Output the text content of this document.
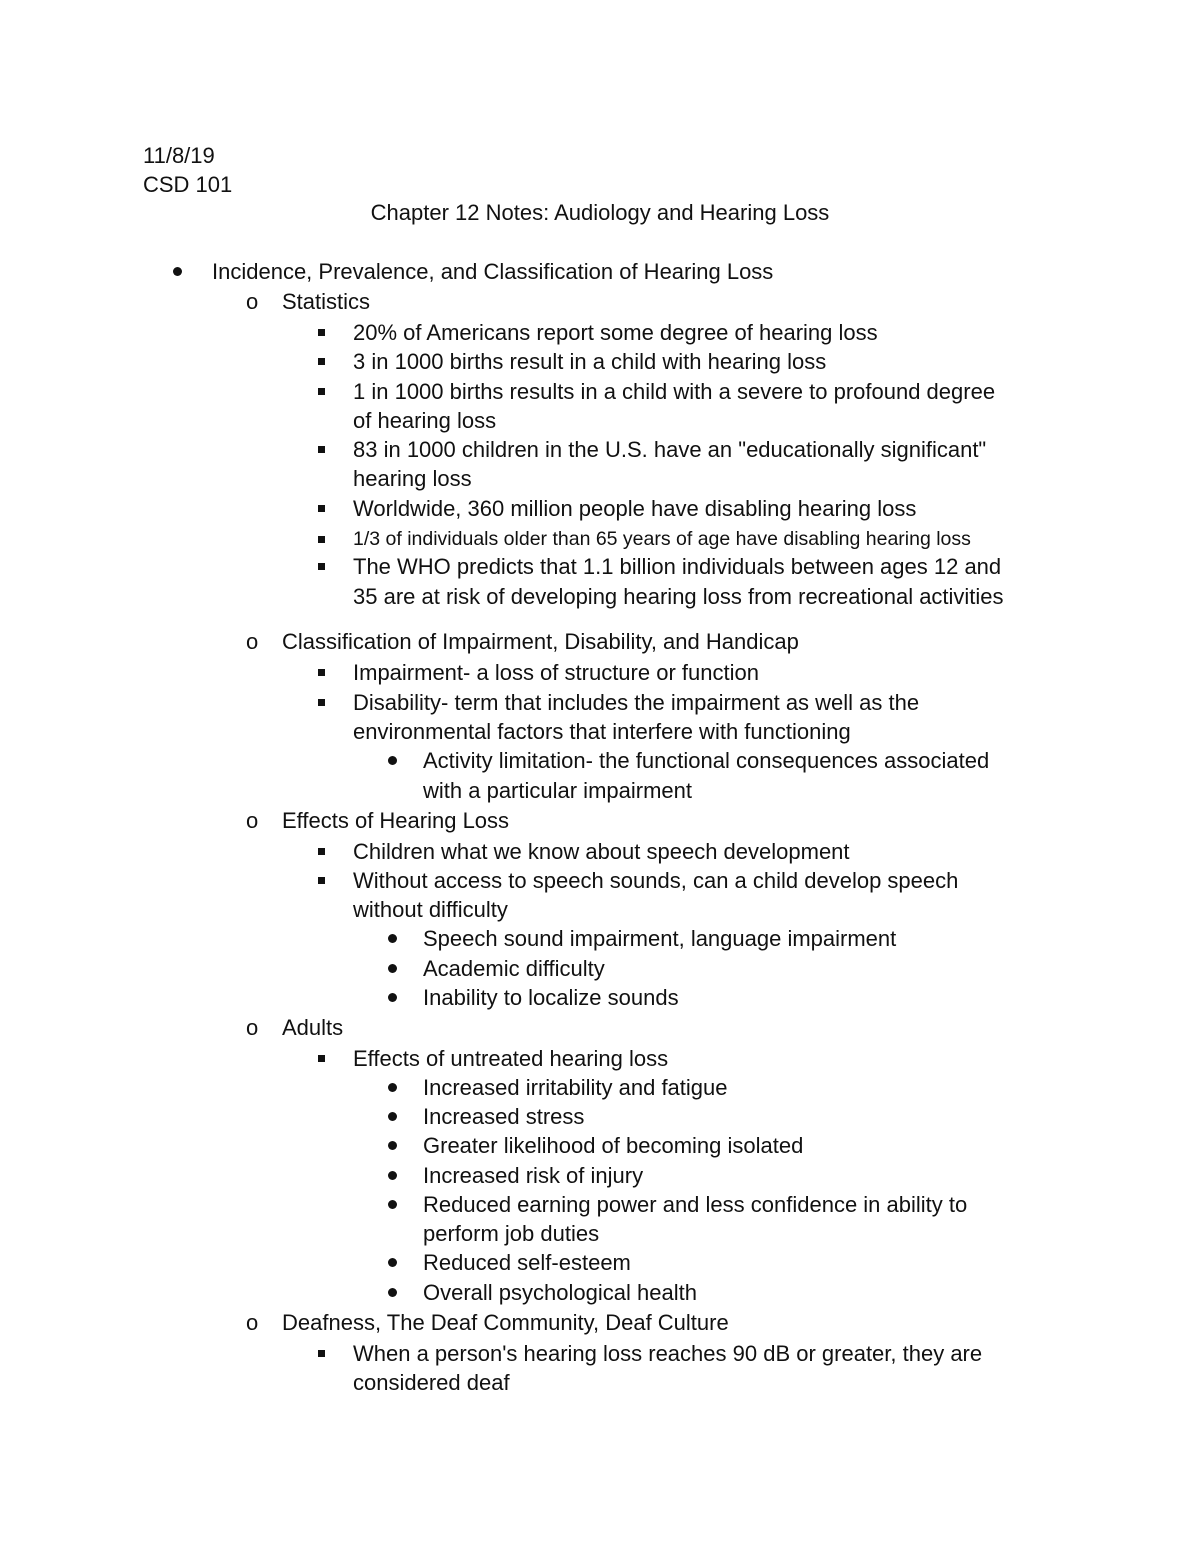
11/8/19
CSD 101
Chapter 12 Notes: Audiology and Hearing Loss
Incidence, Prevalence, and Classification of Hearing Loss
o Statistics
20% of Americans report some degree of hearing loss
3 in 1000 births result in a child with hearing loss
1 in 1000 births results in a child with a severe to profound degree
of hearing loss
83 in 1000 children in the U.S. have an "educationally significant"
hearing loss
Worldwide, 360 million people have disabling hearing loss
1/3 of individuals older than 65 years of age have disabling hearing loss
The WHO predicts that 1.1 billion individuals between ages 12 and
35 are at risk of developing hearing loss from recreational activities
o Classification of Impairment, Disability, and Handicap
Impairment- a loss of structure or function
Disability- term that includes the impairment as well as the
environmental factors that interfere with functioning
Activity limitation- the functional consequences associated
with a particular impairment
o Effects of Hearing Loss
Children what we know about speech development
Without access to speech sounds, can a child develop speech
without difficulty
Speech sound impairment, language impairment
Academic difficulty
Inability to localize sounds
o Adults
Effects of untreated hearing loss
Increased irritability and fatigue
Increased stress
Greater likelihood of becoming isolated
Increased risk of injury
Reduced earning power and less confidence in ability to
perform job duties
Reduced self-esteem
Overall psychological health
o Deafness, The Deaf Community, Deaf Culture
When a person's hearing loss reaches 90 dB or greater, they are
considered deaf
